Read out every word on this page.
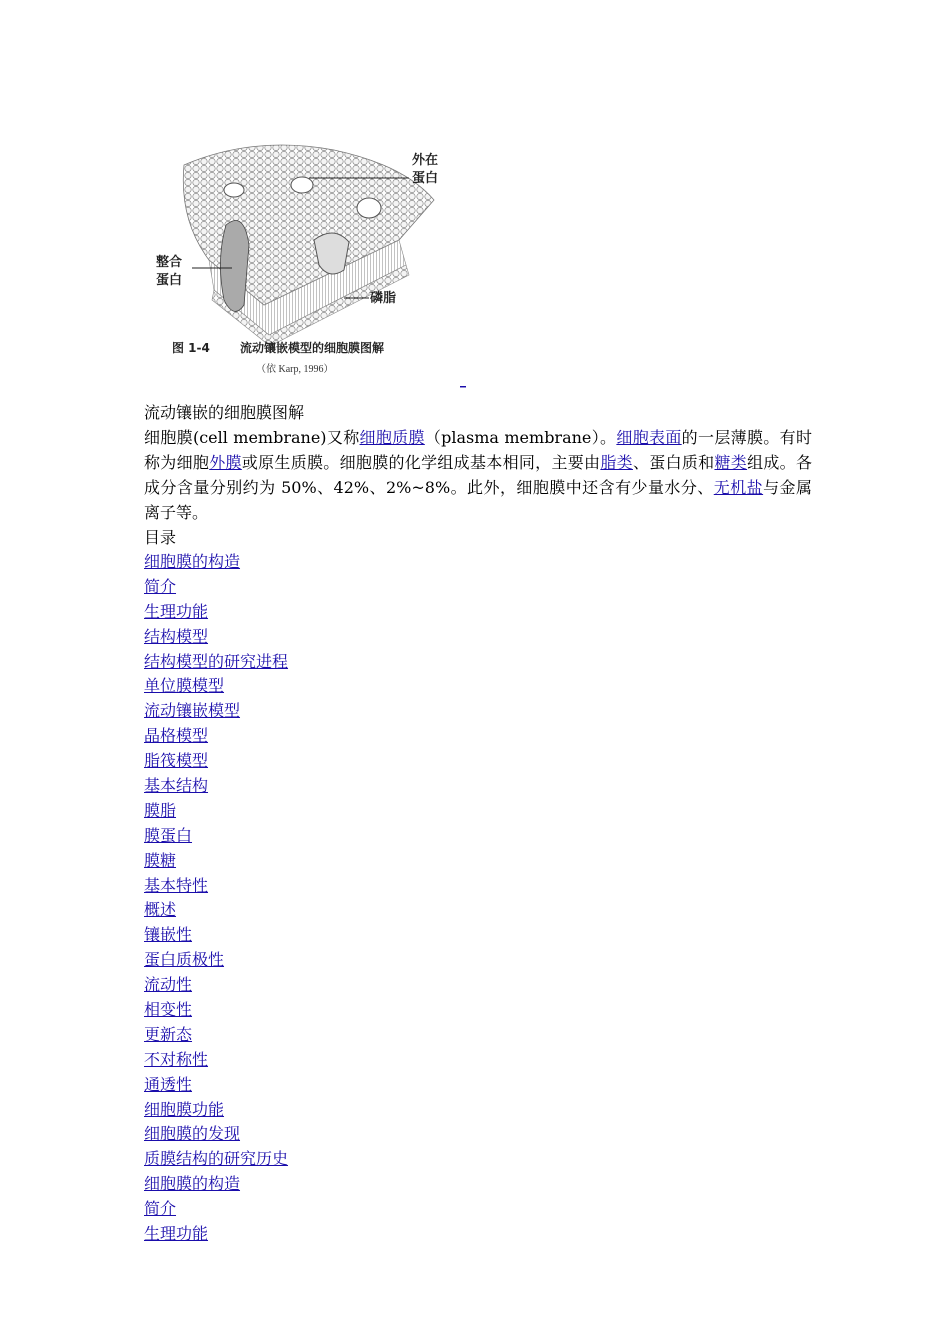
外在
蛋白
整合
蛋白
磷脂
图 1-4	流动镶嵌模型的细胞膜图解
（依 Karp, 1996）
_
流动镶嵌的细胞膜图解
细胞膜(cell membrane)又称细胞质膜（plasma membrane）。细胞表面的一层薄膜。有时称为细胞外膜或原生质膜。细胞膜的化学组成基本相同，主要由脂类、蛋白质和糖类组成。各成分含量分别约为 50%、42%、2%~8%。此外，细胞膜中还含有少量水分、无机盐与金属离子等。
目录
细胞膜的构造
简介
生理功能
结构模型
结构模型的研究进程
单位膜模型
流动镶嵌模型
晶格模型
脂筏模型
基本结构
膜脂
膜蛋白
膜糖
基本特性
概述
镶嵌性
蛋白质极性
流动性
相变性
更新态
不对称性
通透性
细胞膜功能
细胞膜的发现
质膜结构的研究历史
细胞膜的构造
简介
生理功能
